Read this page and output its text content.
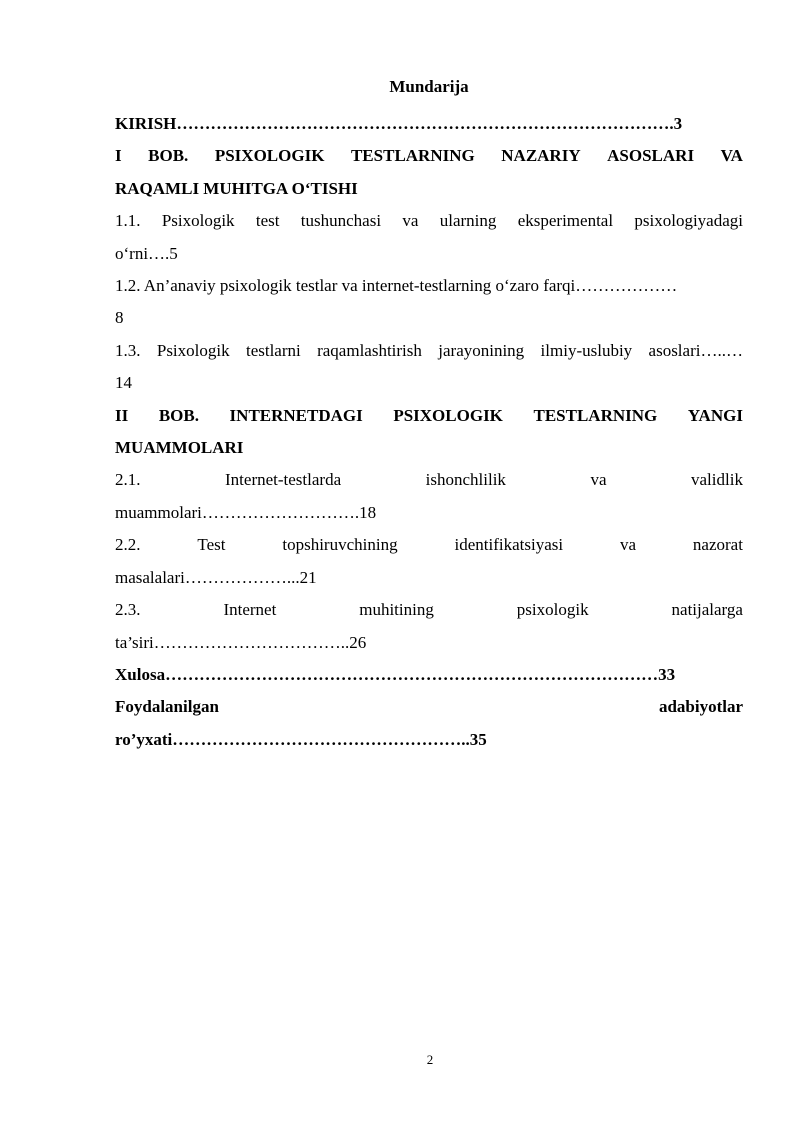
Mundarija
KIRISH…………………………………………………………………………….3
I BOB. PSIXOLOGIK TESTLARNING NAZARIY ASOSLARI VA
RAQAMLI MUHITGA O‘TISHI
1.1. Psixologik test tushunchasi va ularning eksperimental psixologiyadagi
o‘rni….5
1.2. An’anaviy psixologik testlar va internet-testlarning o‘zaro farqi………………
8
1.3. Psixologik testlarni raqamlashtirish jarayonining ilmiy-uslubiy asoslari…..…
14
II BOB. INTERNETDAGI PSIXOLOGIK TESTLARNING YANGI
MUAMMOLARI
2.1.	Internet-testlarda	ishonchlilik	va	validlik
muammolari……………………….18
2.2.	Test	topshiruvchining	identifikatsiyasi	va	nazorat
masalalari………………...21
2.3.	Internet	muhitining	psixologik	natijalarga
ta’siri……………………………..26
Xulosa……………………………………………………………………………33
Foydalanilgan	adabiyotlar
ro’yxati……………………………………………..35
2
